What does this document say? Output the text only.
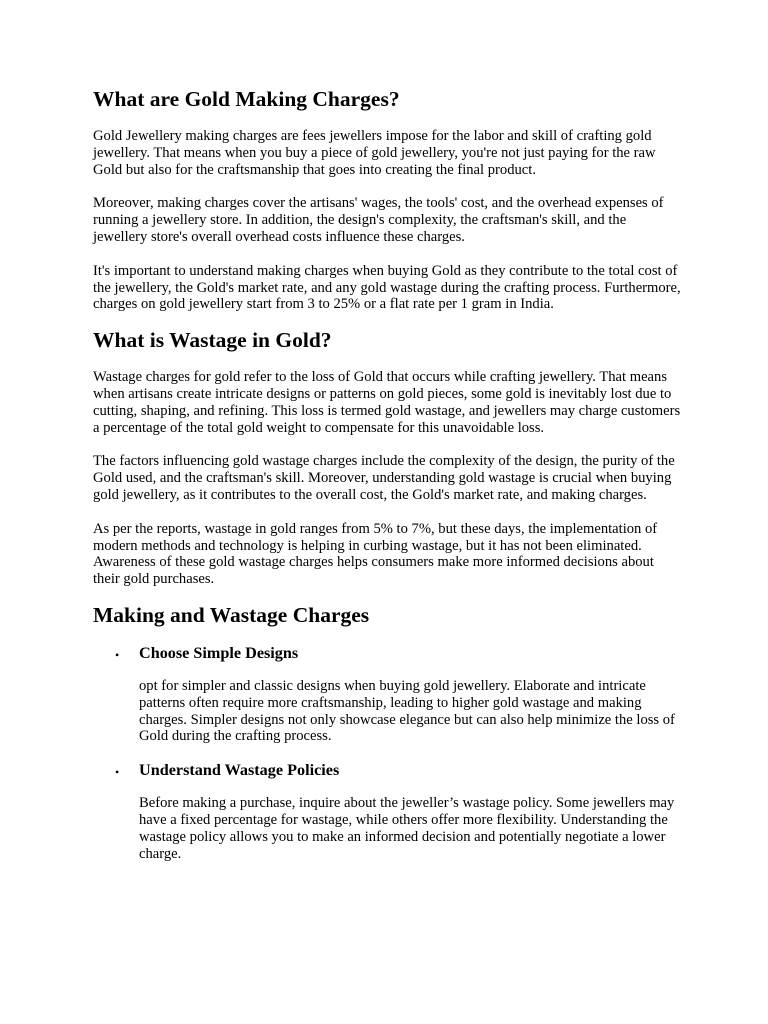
What are Gold Making Charges?

Gold Jewellery making charges are fees jewellers impose for the labor and skill of crafting gold jewellery. That means when you buy a piece of gold jewellery, you're not just paying for the raw Gold but also for the craftsmanship that goes into creating the final product.

Moreover, making charges cover the artisans' wages, the tools' cost, and the overhead expenses of running a jewellery store. In addition, the design's complexity, the craftsman's skill, and the jewellery store's overall overhead costs influence these charges.

It's important to understand making charges when buying Gold as they contribute to the total cost of the jewellery, the Gold's market rate, and any gold wastage during the crafting process. Furthermore, charges on gold jewellery start from 3 to 25% or a flat rate per 1 gram in India.

What is Wastage in Gold?

Wastage charges for gold refer to the loss of Gold that occurs while crafting jewellery. That means when artisans create intricate designs or patterns on gold pieces, some gold is inevitably lost due to cutting, shaping, and refining. This loss is termed gold wastage, and jewellers may charge customers a percentage of the total gold weight to compensate for this unavoidable loss.

The factors influencing gold wastage charges include the complexity of the design, the purity of the Gold used, and the craftsman's skill. Moreover, understanding gold wastage is crucial when buying gold jewellery, as it contributes to the overall cost, the Gold's market rate, and making charges.

As per the reports, wastage in gold ranges from 5% to 7%, but these days, the implementation of modern methods and technology is helping in curbing wastage, but it has not been eliminated. Awareness of these gold wastage charges helps consumers make more informed decisions about their gold purchases.

Making and Wastage Charges
• Choose Simple Designs

opt for simpler and classic designs when buying gold jewellery. Elaborate and intricate patterns often require more craftsmanship, leading to higher gold wastage and making charges. Simpler designs not only showcase elegance but can also help minimize the loss of Gold during the crafting process.

• Understand Wastage Policies

Before making a purchase, inquire about the jeweller’s wastage policy. Some jewellers may have a fixed percentage for wastage, while others offer more flexibility. Understanding the wastage policy allows you to make an informed decision and potentially negotiate a lower charge.
